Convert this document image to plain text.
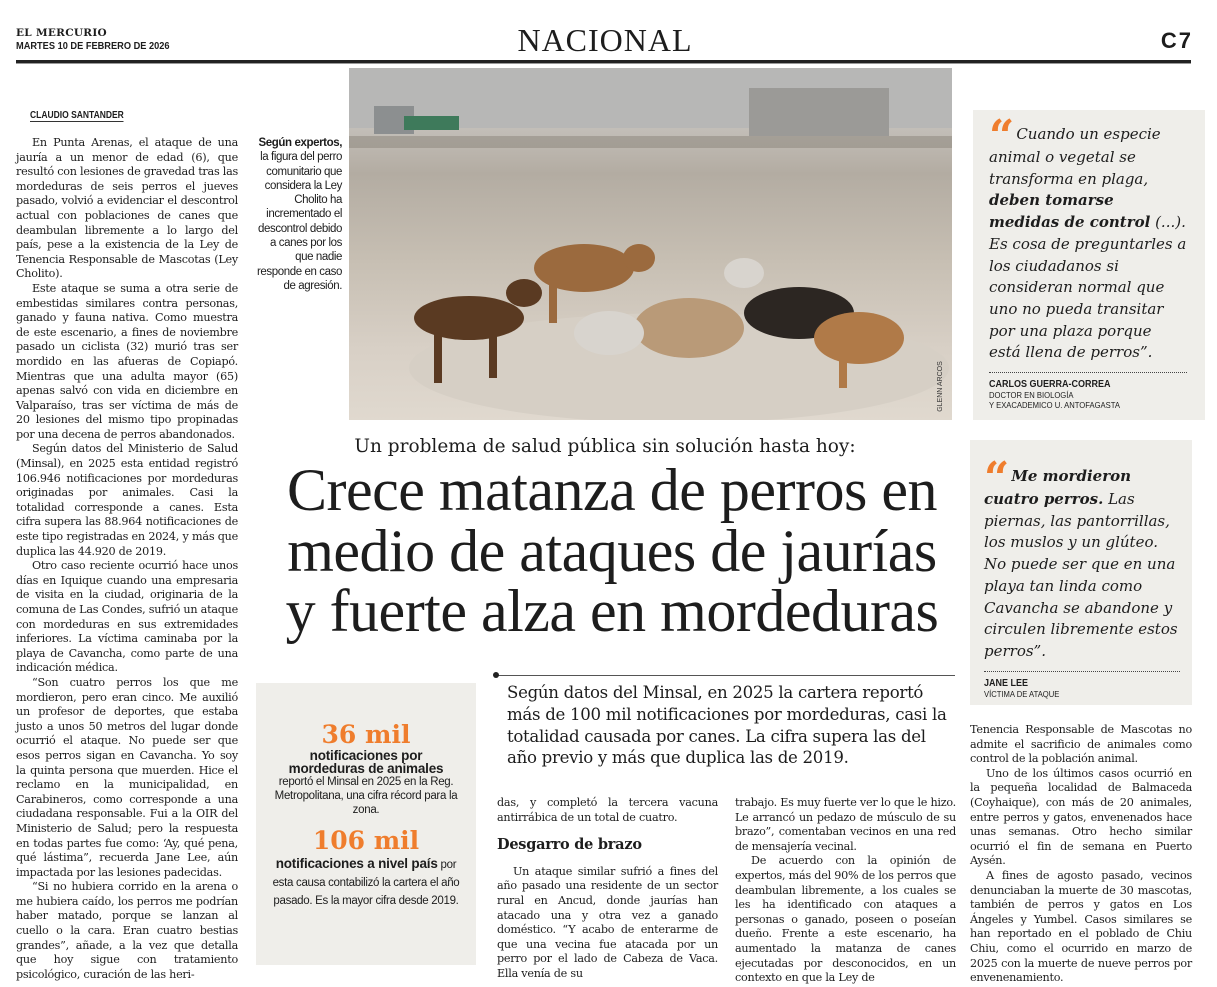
EL MERCURIO
MARTES 10 DE FEBRERO DE 2026	NACIONAL	C7
CLAUDIO SANTANDER

En Punta Arenas, el ataque de una jauría a un menor de edad (6), que resultó con lesiones de gravedad tras las mordeduras de seis perros el jueves pasado, volvió a evidenciar el descontrol actual con poblaciones de canes que deambulan libremente a lo largo del país, pese a la existencia de la Ley de Tenencia Responsable de Mascotas (Ley Cholito).

Este ataque se suma a otra serie de embestidas similares contra personas, ganado y fauna nativa. Como muestra de este escenario, a fines de noviembre pasado un ciclista (32) murió tras ser mordido en las afueras de Copiapó. Mientras que una adulta mayor (65) apenas salvó con vida en diciembre en Valparaíso, tras ser víctima de más de 20 lesiones del mismo tipo propinadas por una decena de perros abandonados.

Según datos del Ministerio de Salud (Minsal), en 2025 esta entidad registró 106.946 notificaciones por mordeduras originadas por animales. Casi la totalidad corresponde a canes. Esta cifra supera las 88.964 notificaciones de este tipo registradas en 2024, y más que duplica las 44.920 de 2019.

Otro caso reciente ocurrió hace unos días en Iquique cuando una empresaria de visita en la ciudad, originaria de la comuna de Las Condes, sufrió un ataque con mordeduras en sus extremidades inferiores. La víctima caminaba por la playa de Cavancha, como parte de una indicación médica.

“Son cuatro perros los que me mordieron, pero eran cinco. Me auxilió un profesor de deportes, que estaba justo a unos 50 metros del lugar donde ocurrió el ataque. No puede ser que esos perros sigan en Cavancha. Yo soy la quinta persona que muerden. Hice el reclamo en la municipalidad, en Carabineros, como corresponde a una ciudadana responsable. Fui a la OIR del Ministerio de Salud; pero la respuesta en todas partes fue como: ‘Ay, qué pena, qué lástima”, recuerda Jane Lee, aún impactada por las lesiones padecidas.

“Si no hubiera corrido en la arena o me hubiera caído, los perros me podrían haber matado, porque se lanzan al cuello o la cara. Eran cuatro bestias grandes”, añade, a la vez que detalla que hoy sigue con tratamiento psicológico, curación de las heri-

Según expertos, la figura del perro comunitario que considera la Ley Cholito ha incrementado el descontrol debido a canes por los que nadie responde en caso de agresión.
GLENN ARCOS
“ Cuando un especie animal o vegetal se transforma en plaga, deben tomarse medidas de control (...). Es cosa de preguntarles a los ciudadanos si consideran normal que uno no pueda transitar por una plaza porque está llena de perros”.
CARLOS GUERRA-CORREA
DOCTOR EN BIOLOGÍA
Y EXACADEMICO U. ANTOFAGASTA
“ Me mordieron cuatro perros. Las piernas, las pantorrillas, los muslos y un glúteo. No puede ser que en una playa tan linda como Cavancha se abandone y circulen libremente estos perros”.
JANE LEE
VÍCTIMA DE ATAQUE
Un problema de salud pública sin solución hasta hoy:
Crece matanza de perros en
medio de ataques de jaurías
y fuerte alza en mordeduras
Según datos del Minsal, en 2025 la cartera reportó más de 100 mil notificaciones por mordeduras, casi la totalidad causada por canes. La cifra supera las del año previo y más que duplica las de 2019.
36 mil
notificaciones por mordeduras de animales
reportó el Minsal en 2025 en la Reg. Metropolitana, una cifra récord para la zona.
106 mil
notificaciones a nivel país por esta causa contabilizó la cartera el año pasado. Es la mayor cifra desde 2019.

das, y completó la tercera vacuna antirrábica de un total de cuatro.

Desgarro de brazo

Un ataque similar sufrió a fines del año pasado una residente de un sector rural en Ancud, donde jaurías han atacado una y otra vez a ganado doméstico. “Y acabo de enterarme de que una vecina fue atacada por un perro por el lado de Cabeza de Vaca. Ella venía de su

trabajo. Es muy fuerte ver lo que le hizo. Le arrancó un pedazo de músculo de su brazo”, comentaban vecinos en una red de mensajería vecinal.

De acuerdo con la opinión de expertos, más del 90% de los perros que deambulan libremente, a los cuales se les ha identificado con ataques a personas o ganado, poseen o poseían dueño. Frente a este escenario, ha aumentado la matanza de canes ejecutadas por desconocidos, en un contexto en que la Ley de

Tenencia Responsable de Mascotas no admite el sacrificio de animales como control de la población animal.

Uno de los últimos casos ocurrió en la pequeña localidad de Balmaceda (Coyhaique), con más de 20 animales, entre perros y gatos, envenenados hace unas semanas. Otro hecho similar ocurrió el fin de semana en Puerto Aysén.

A fines de agosto pasado, vecinos denunciaban la muerte de 30 mascotas, también de perros y gatos en Los Ángeles y Yumbel. Casos similares se han reportado en el poblado de Chiu Chiu, como el ocurrido en marzo de 2025 con la muerte de nueve perros por envenenamiento.
